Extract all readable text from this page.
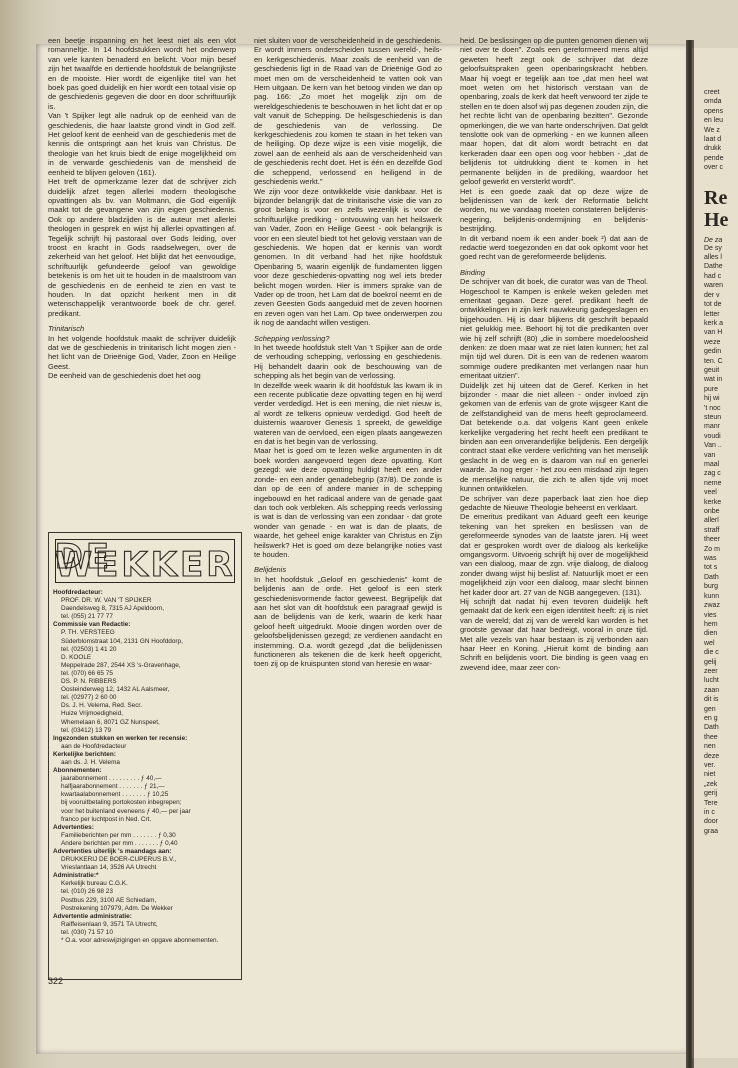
een beetje inspanning en het leest niet als een vlot romanneltje. In 14 hoofdstukken wordt het onderwerp van vele kanten benaderd en belicht. Voor mijn besef zijn het twaalfde en dertiende hoofdstuk de belangrijkste en de mooiste. Hier wordt de eigenlijke titel van het boek pas goed duidelijk en hier wordt een totaal visie op de geschiedenis gegeven die door en door schriftuurlijk is.

Van 't Spijker legt alle nadruk op de eenheid van de geschiedenis, die haar laatste grond vindt in God zelf. Het geloof kent de eenheid van de geschiedenis met de kennis die ontspringt aan het kruis van Christus. De theologie van het kruis biedt de enige mogelijkheid om in de verwarde geschiedenis van de mensheid de eenheid te blijven geloven (161).

Het treft de opmerkzame lezer dat de schrijver zich duidelijk afzet tegen allerlei modern theologische opvattingen als bv. van Moltmann, die God eigenlijk maakt tot de gevangene van zijn eigen geschiedenis. Ook op andere bladzijden is de auteur met allerlei theologen in gesprek en wijst hij allerlei opvattingen af. Tegelijk schrijft hij pastoraal over Gods leiding, over troost en kracht in Gods raadselwegen, over de zekerheid van het geloof. Het blijkt dat het eenvoudige, schriftuurlijk gefundeerde geloof van gewoldige betekenis is om het uit te houden in de maalstroom van de geschiedenis en de eenheid te zien en vast te houden. In dat opzicht herkent men in dit wetenschappelijk verantwoorde boek de chr. geref. predikant.

Trinitarisch

In het volgende hoofdstuk maakt de schrijver duidelijk dat we de geschiedenis in trinitarisch licht mogen zien - het licht van de Drieënige God, Vader, Zoon en Heilige Geest.

De eenheid van de geschiedenis doet het oog

niet sluiten voor de verscheidenheid in de geschiedenis. Er wordt immers onderscheiden tussen wereld-, heils- en kerkgeschiedenis. Maar zoals de eenheid van de geschiedenis ligt in de Raad van de Drieënige God zo moet men om de verscheidenheid te vatten ook van Hem uitgaan. De kern van het betoog vinden we dan op pag. 166: „Zo moet het mogelijk zijn om de wereldgeschiedenis te beschouwen in het licht dat er op valt vanuit de Schepping. De heilsgeschiedenis is dan de geschiedenis van de verlossing. De kerkgeschiedenis zou komen te staan in het teken van de heiliging. Op deze wijze is een visie mogelijk, die zowel aan de eenheid als aan de verscheidenheid van de geschiedenis recht doet. Het is één en dezelfde God die scheppend, verlossend en heiligend in de geschiedenis werkt."

We zijn voor deze ontwikkelde visie dankbaar. Het is bijzonder belangrijk dat de trinitarische visie die van zo groot belang is voor en zelfs wezenlijk is voor de schriftuurlijke prediking - ontvouwing van het heilswerk van Vader, Zoon en Heilige Geest - ook belangrijk is voor en een sleutel biedt tot het gelovig verstaan van de geschiedenis. We hopen dat er kennis van wordt genomen. In dit verband had het rijke hoofdstuk Openbaring 5, waarin eigenlijk de fundamenten liggen voor deze geschiedenis-opvatting nog wel iets breder belicht mogen worden. Hier is immers sprake van de Vader op de troon, het Lam dat de boekrol neemt en de zeven Geesten Gods aangeduid met de zeven hoornen en zeven ogen van het Lam. Op twee onderwerpen zou ik nog de aandacht willen vestigen.

Schepping verlossing?

In het tweede hoofdstuk stelt Van 't Spijker aan de orde de verhouding schepping, verlossing en geschiedenis. Hij behandelt daarin ook de beschouwing van de schepping als het begin van de verlossing.

In dezelfde week waarin ik dit hoofdstuk las kwam ik in een recente publicatie deze opvatting tegen en hij werd verder verdedigd. Het is een mening, die niet nieuw is, al wordt ze telkens opnieuw verdedigd. God heeft de duisternis waarover Genesis 1 spreekt, de geweldige wateren van de oervloed, een eigen plaats aangewezen en dat is het begin van de verlossing.

Maar het is goed om te lezen welke argumenten in dit boek worden aangevoerd tegen deze opvatting. Kort gezegd: wie deze opvatting huldigt heeft een ander zonde- en een ander genadebegrip (37/8). De zonde is dan op de een of andere manier in de schepping ingebouwd en het radicaal andere van de genade gaat dan toch ook verbleken. Als schepping reeds verlossing is wat is dan de verlossing van een zondaar - dat grote wonder van genade - en wat is dan de plaats, de waarde, het geheel enige karakter van Christus en Zijn heilswerk? Het is goed om deze belangrijke noties vast te houden.

Belijdenis

In het hoofdstuk „Geloof en geschiedenis" komt de belijdenis aan de orde. Het geloof is een sterk geschiedenisvormende factor geweest. Begrijpelijk dat aan het slot van dit hoofdstuk een paragraaf gewijd is aan de belijdenis van de kerk, waarin de kerk haar geloof heeft uitgedrukt. Mooie dingen worden over de geloofsbelijdenissen gezegd; ze verdienen aandacht en instemming. O.a. wordt gezegd „dat die belijdenissen functioneren als tekenen die de kerk heeft opgericht, toen zij op de kruispunten stond van heresie en waar-

heid. De beslissingen op die punten genomen dienen wij niet over te doen". Zoals een gereformeerd mens altijd geweten heeft zegt ook de schrijver dat deze geloofsuitspraken geen openbaringskracht hebben. Maar hij voegt er tegelijk aan toe „dat men heel wat moet weten om het historisch verstaan van de openbaring, zoals de kerk dat heeft verwoord ter zijde te stellen en te doen alsof wij pas degenen zouden zijn, die het rechte licht van de openbaring bezitten". Gezonde opmerkingen, die we van harte onderschrijven. Dat geldt tenslotte ook van de opmerking - en we kunnen alleen maar hopen, dat dit alom wordt betracht en dat kerkeraden daar een open oog voor hebben - „dat de belijdenis tot uitdrukking dient te komen in het permanente belijden in de prediking, waardoor het geloof gewerkt en versterkt wordt".

Het is een goede zaak dat op deze wijze de belijdenissen van de kerk der Reformatie belicht worden, nu we vandaag moeten constateren belijdenis-negering, belijdenis-ondermijning en belijdenis-bestrijding.

In dit verband noem ik een ander boek ²) dat aan de redactie werd toegezonden en dat ook opkomt voor het goed recht van de gereformeerde belijdenis.

Binding

De schrijver van dit boek, die curator was van de Theol. Hogeschool te Kampen is enkele weken geleden met emeritaat gegaan. Deze geref. predikant heeft de ontwikkelingen in zijn kerk nauwkeurig gadegeslagen en bijgehouden. Hij is daar blijkens dit geschrift bepaald niet gelukkig mee. Behoort hij tot die predikanten over wie hij zelf schrijft (80) „die in sombere moedeloosheid denken: ze doen maar wat ze niet laten kunnen; het zal mijn tijd wel duren. Dit is een van de redenen waarom sommige oudere predikanten met verlangen naar hun emeritaat uitzien".

Duidelijk zet hij uiteen dat de Geref. Kerken in het bijzonder - maar die niet alleen - onder invloed zijn gekomen van de erfenis van de grote wijsgeer Kant die de zelfstandigheid van de mens heeft geproclameerd. Dat betekende o.a. dat volgens Kant geen enkele kerkelijke vergadering het recht heeft een predikant te binden aan een onveranderlijke belijdenis. Een dergelijk contract staat elke verdere verlichting van het menselijk geslacht in de weg en is daarom van nul en generlei waarde. Ja nog erger - het zou een misdaad zijn tegen de menselijke natuur, die zich te allen tijde vrij moet kunnen ontwikkelen.

De schrijver van deze paperback laat zien hoe diep gedachte de Nieuwe Theologie beheerst en verklaart.

De emeritus predikant van Aduard geeft een keurige tekening van het spreken en beslissen van de gereformeerde synodes van de laatste jaren. Hij weet dat er gesproken wordt over de dialoog als kerkelijke omgangsvorm. Uitvoerig schrijft hij over de mogelijkheid van een dialoog, maar de zgn. vrije dialoog, de dialoog zonder dwang wijst hij beslist af. Natuurlijk moet er een mogelijkheid zijn voor een dialoog, maar slecht binnen het kader door art. 27 van de NGB aangegeven. (131).

Hij schrijft dat nadat hij even tevoren duidelijk heft gemaakt dat de kerk een eigen identiteit heeft: zij is niet van de wereld; dat zij van de wereld kan worden is het grootste gevaar dat haar bedreigt, vooral in onze tijd. Met alle vezels van haar bestaan is zij verbonden aan haar Heer en Koning. „Hieruit komt de binding aan Schrift en belijdenis voort. Die binding is geen vaag en zwevend idee, maar zeer con-

DE WEKKER
Hoofdredacteur:
PROF. DR. W. VAN 'T SPIJKER
Daendelsweg 8, 7315 AJ Apeldoorn,
tel. (055) 21 77 77
Commissie van Redactie:
P. TH. VERSTEEG
Süderblomstraat 104, 2131 GN Hoofddorp,
tel. (02503) 1 41 20
D. KOOLE
Meppelrade 287, 2544 XS 's-Gravenhage,
tel. (070) 66 65 75
DS. P. N. RIBBERS
Oosteinderweg 12, 1432 AL Aalsmeer,
tel. (02977) 2 60 00
Ds. J. H. Velema, Red. Secr.
Huize Vrijmoedigheid,
Whemelaan 6, 8071 GZ Nunspeet,
tel. (03412) 13 79
Ingezonden stukken en werken ter recensie:
aan de Hoofdredacteur
Kerkelijke berichten:
aan ds. J. H. Velema
Abonnementen:
jaarabonnement . . . . . . . . . ƒ 40,—
halfjaarabonnement . . . . . . . ƒ 21,—
kwartaalabonnement . . . . . . . ƒ 10,25
bij vooruitbetaling portokosten inbegrepen;
voor het buitenland eveneens ƒ 40,— per jaar
franco per luchtpost in Ned. Crt.
Advertenties:
Familieberichten per mm . . . . . . . ƒ 0,30
Andere berichten per mm . . . . . . . ƒ 0,40
Advertenties uiterlijk 's maandags aan:
DRUKKERIJ DE BOER-CUPERUS B.V.,
Vrieslantlaan 14, 3526 AA Utrecht
Administratie:*
Kerkelijk bureau C.G.K.
tel. (010) 26 98 23
Postbus 229, 3100 AE Schiedam,
Postrekening 107979, Adm. De Wekker
Advertentie administratie:
Raiffeisenlaan 9, 3571 TA Utrecht,
tel. (030) 71 57 10
* O.a. voor adreswijzigingen en opgave abonnementen.
322
creet
omda
opens
en leu
We z
laat d
drukk
pende
over c
Re
He
De za
De sy
alles l
Dathe
had c
waren
der v
tot de
letter
kerk a
van H
weze
gedin
ten. C
geuit
wat in
pure
hij wi
't noc
steun
manr
voudi
Van ..
van
maal
zag c
neme
veel
kerke
onbe
allerl
straff
theer
Zo m
was
tot s
Dath
burg
kunn
zwaz
vies
hem
dien
wel
die c
gelij
zeer
lucht
zaan
dit is
gen
en g
Dath
thee
nen
deze
ver.
niet
„zek
gerij
Tere
in c
door
graa
